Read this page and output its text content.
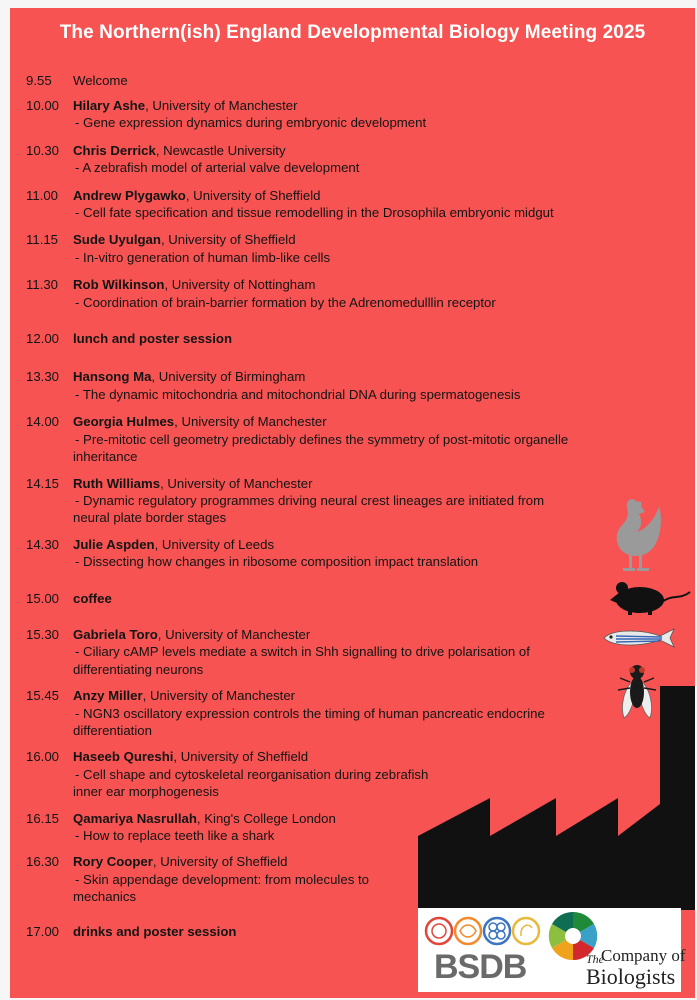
The Northern(ish) England Developmental Biology Meeting 2025
9.55 Welcome
10.00 Hilary Ashe, University of Manchester
- Gene expression dynamics during embryonic development
10.30 Chris Derrick, Newcastle University
- A zebrafish model of arterial valve development
11.00 Andrew Plygawko, University of Sheffield
- Cell fate specification and tissue remodelling in the Drosophila embryonic midgut
11.15 Sude Uyulgan, University of Sheffield
- In-vitro generation of human limb-like cells
11.30 Rob Wilkinson, University of Nottingham
- Coordination of brain-barrier formation by the Adrenomedulllin receptor
12.00 lunch and poster session
13.30 Hansong Ma, University of Birmingham
- The dynamic mitochondria and mitochondrial DNA during spermatogenesis
14.00 Georgia Hulmes, University of Manchester
- Pre-mitotic cell geometry predictably defines the symmetry of post-mitotic organelle
inheritance
14.15 Ruth Williams, University of Manchester
- Dynamic regulatory programmes driving neural crest lineages are initiated from
neural plate border stages
14.30 Julie Aspden, University of Leeds
- Dissecting how changes in ribosome composition impact translation
15.00 coffee
15.30 Gabriela Toro, University of Manchester
- Ciliary cAMP levels mediate a switch in Shh signalling to drive polarisation of
differentiating neurons
15.45 Anzy Miller, University of Manchester
- NGN3 oscillatory expression controls the timing of human pancreatic endocrine
differentiation
16.00 Haseeb Qureshi, University of Sheffield
- Cell shape and cytoskeletal reorganisation during zebrafish
inner ear morphogenesis
16.15 Qamariya Nasrullah, King's College London
- How to replace teeth like a shark
16.30 Rory Cooper, University of Sheffield
- Skin appendage development: from molecules to
mechanics
17.00 drinks and poster session
BSDB	The
Company of
Biologists
